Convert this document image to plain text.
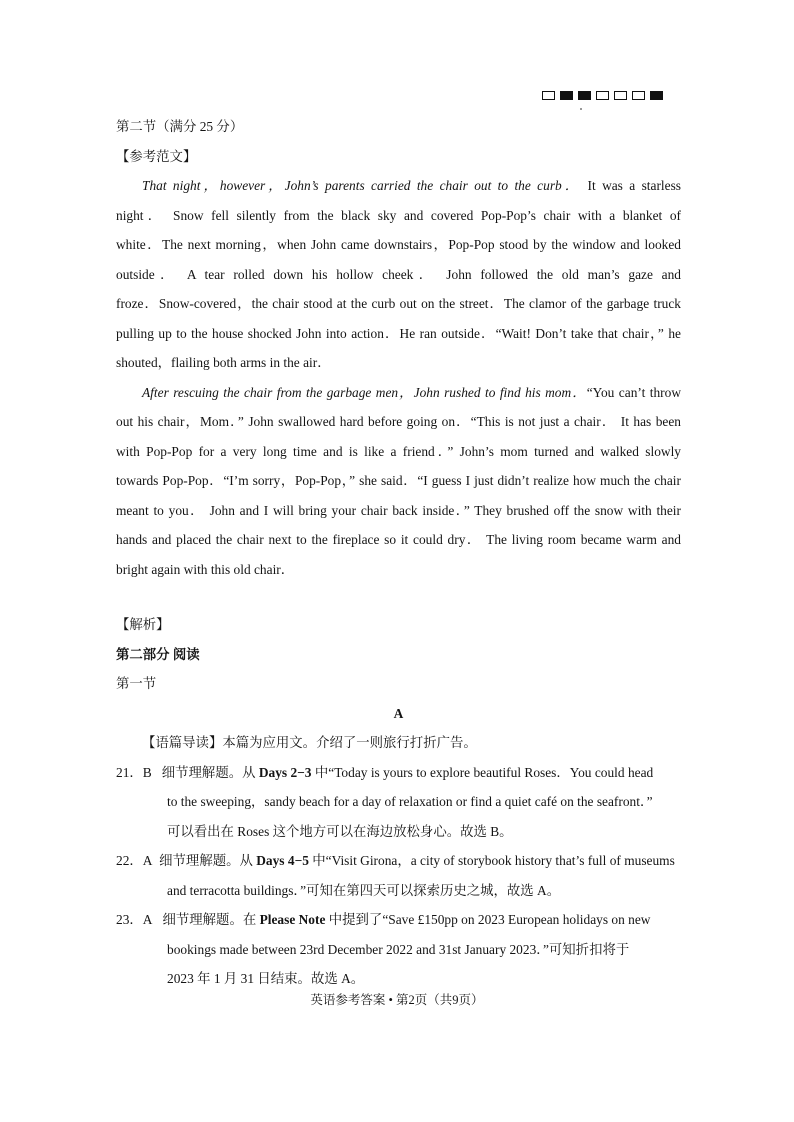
第二节（满分 25 分）
【参考范文】
That night，however，John’s parents carried the chair out to the curb． It was a starless
night． Snow fell silently from the black sky and covered Pop-Pop’s chair with a blanket of
white．The next morning，when John came downstairs，Pop-Pop stood by the window and looked
outside． A tear rolled down his hollow cheek． John followed the old man’s gaze and
froze．Snow-covered，the chair stood at the curb out on the street．The clamor of the garbage truck
pulling up to the house shocked John into action．He ran outside．“Wait! Don’t take that chair，” he
shouted，flailing both arms in the air．
After rescuing the chair from the garbage men，John rushed to find his mom．“You can’t throw
out his chair，Mom．” John swallowed hard before going on．“This is not just a chair． It has been
with Pop-Pop for a very long time and is like a friend．” John’s mom turned and walked slowly
towards Pop-Pop．“I’m sorry，Pop-Pop，” she said．“I guess I just didn’t realize how much the chair
meant to you． John and I will bring your chair back inside．” They brushed off the snow with their
hands and placed the chair next to the fireplace so it could dry． The living room became warm and
bright again with this old chair．
【解析】
第二部分 阅读
第一节
A
【语篇导读】本篇为应用文。介绍了一则旅行打折广告。
21．B 细节理解题。从 Days 2−3 中“Today is yours to explore beautiful Roses．You could head
to the sweeping，sandy beach for a day of relaxation or find a quiet café on the seafront．”
可以看出在 Roses 这个地方可以在海边放松身心。故选 B。
22．A 细节理解题。从 Days 4−5 中“Visit Girona，a city of storybook history that’s full of museums
and terracotta buildings．”可知在第四天可以探索历史之城，故选 A。
23．A 细节理解题。在 Please Note 中提到了“Save £150pp on 2023 European holidays on new
bookings made between 23rd December 2022 and 31st January 2023．”可知折扣将于
2023 年 1 月 31 日结束。故选 A。
英语参考答案 • 第2页（共9页）
